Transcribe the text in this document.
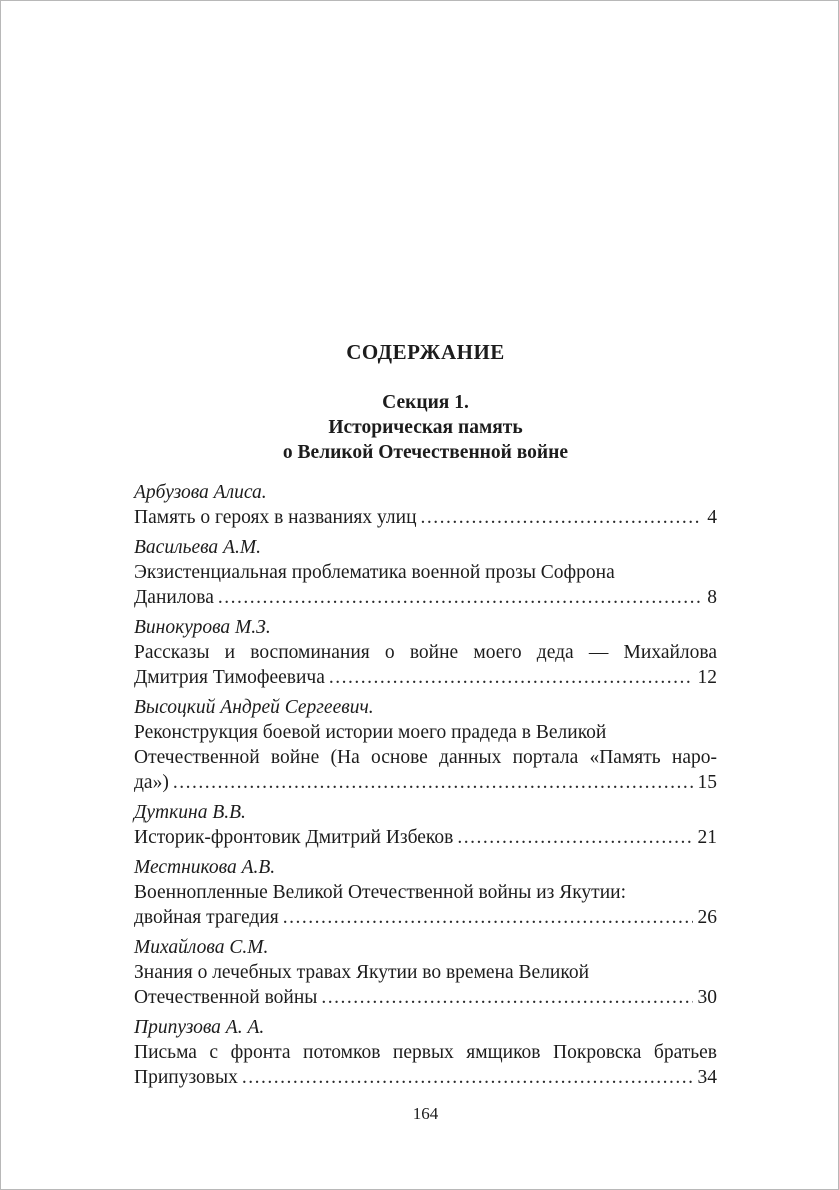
СОДЕРЖАНИЕ
Секция 1.
Историческая память
о Великой Отечественной войне
Арбузова Алиса.
Память о героях в названиях улиц .....	4
Васильева А.М.
Экзистенциальная проблематика военной прозы Софрона
Данилова .....	8
Винокурова М.З.
Рассказы и воспоминания о войне моего деда — Михайлова
Дмитрия Тимофеевича .....	12
Высоцкий Андрей Сергеевич.
Реконструкция боевой истории моего прадеда в Великой
Отечественной войне (На основе данных портала «Память наро-
да») .....	15
Дуткина В.В.
Историк-фронтовик Дмитрий Избеков .....	21
Местникова А.В.
Военнопленные Великой Отечественной войны из Якутии:
двойная трагедия .....	26
Михайлова С.М.
Знания о лечебных травах Якутии во времена Великой
Отечественной войны .....	30
Припузова А. А.
Письма с фронта потомков первых ямщиков Покровска братьев
Припузовых .....	34
164
